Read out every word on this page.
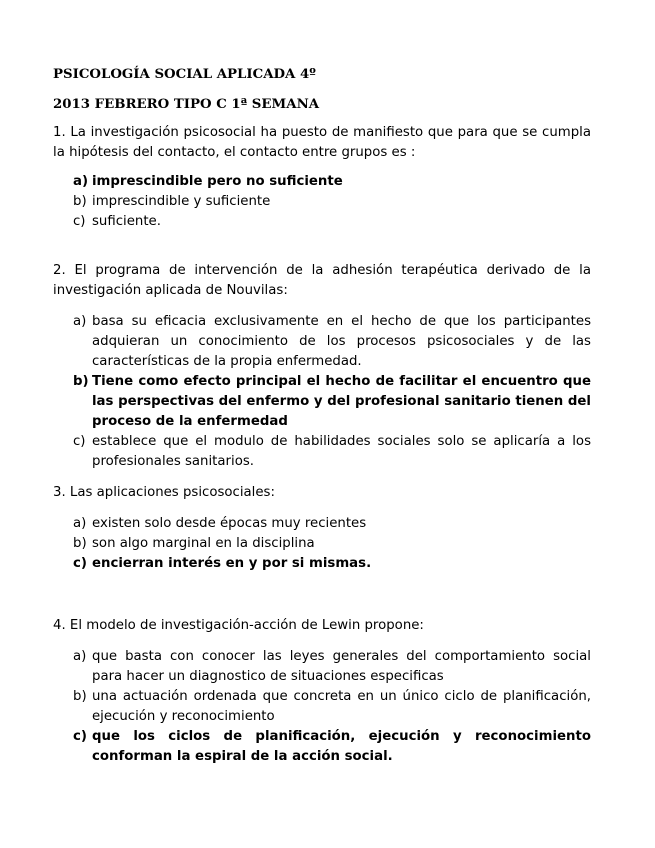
PSICOLOGÍA SOCIAL APLICADA 4º

2013 FEBRERO TIPO C 1ª SEMANA

1. La investigación psicosocial ha puesto de manifiesto que para que se cumpla la hipótesis del contacto, el contacto entre grupos es :

a) imprescindible pero no suficiente
b) imprescindible y suficiente
c) suficiente.

2. El programa de intervención de la adhesión terapéutica derivado de la investigación aplicada de Nouvilas:

a) basa su eficacia exclusivamente en el hecho de que los participantes adquieran un conocimiento de los procesos psicosociales y de las características de la propia enfermedad.
b) Tiene como efecto principal el hecho de facilitar el encuentro que las perspectivas del enfermo y del profesional sanitario tienen del proceso de la enfermedad
c) establece que el modulo de habilidades sociales solo se aplicaría a los profesionales sanitarios.

3. Las aplicaciones psicosociales:

a) existen solo desde épocas muy recientes
b) son algo marginal en la disciplina
c) encierran interés en y por si mismas.

4. El modelo de investigación-acción de Lewin propone:

a) que basta con conocer las leyes generales del comportamiento social para hacer un diagnostico de situaciones especificas
b) una actuación ordenada que concreta en un único ciclo de planificación, ejecución y reconocimiento
c) que los ciclos de planificación, ejecución y reconocimiento conforman la espiral de la acción social.
